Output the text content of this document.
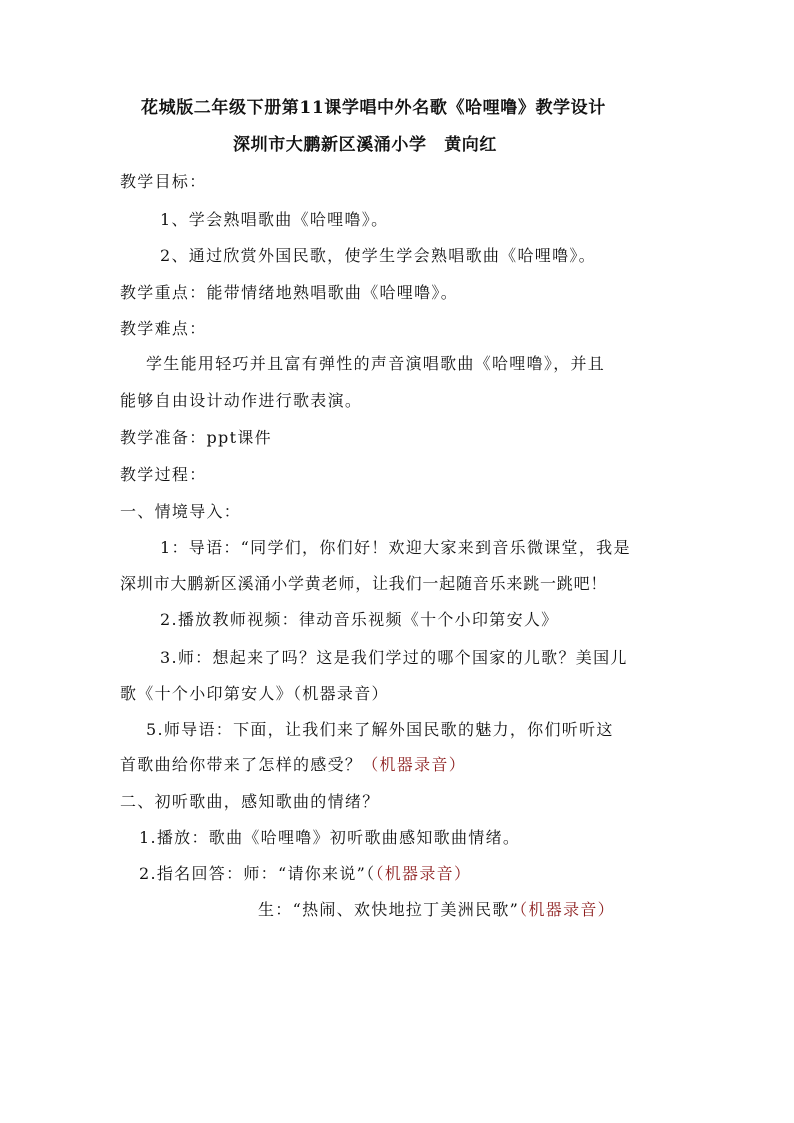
花城版二年级下册第11课学唱中外名歌《哈哩噜》教学设计
深圳市大鹏新区溪涌小学　黄向红
教学目标：
1、学会熟唱歌曲《哈哩噜》。
2、通过欣赏外国民歌，使学生学会熟唱歌曲《哈哩噜》。
教学重点：能带情绪地熟唱歌曲《哈哩噜》。
教学难点：
学生能用轻巧并且富有弹性的声音演唱歌曲《哈哩噜》，并且
能够自由设计动作进行歌表演。
教学准备：ppt课件
教学过程：
一、情境导入：
1：导语：“同学们，你们好！欢迎大家来到音乐微课堂，我是
深圳市大鹏新区溪涌小学黄老师，让我们一起随音乐来跳一跳吧！
2.播放教师视频：律动音乐视频《十个小印第安人》
3.师：想起来了吗？这是我们学过的哪个国家的儿歌？美国儿
歌《十个小印第安人》（机器录音）
5.师导语：下面，让我们来了解外国民歌的魅力，你们听听这
首歌曲给你带来了怎样的感受？（机器录音）
二、初听歌曲，感知歌曲的情绪？
1.播放：歌曲《哈哩噜》初听歌曲感知歌曲情绪。
2.指名回答：师：“请你来说”（（机器录音）
生：“热闹、欢快地拉丁美洲民歌”（机器录音）
